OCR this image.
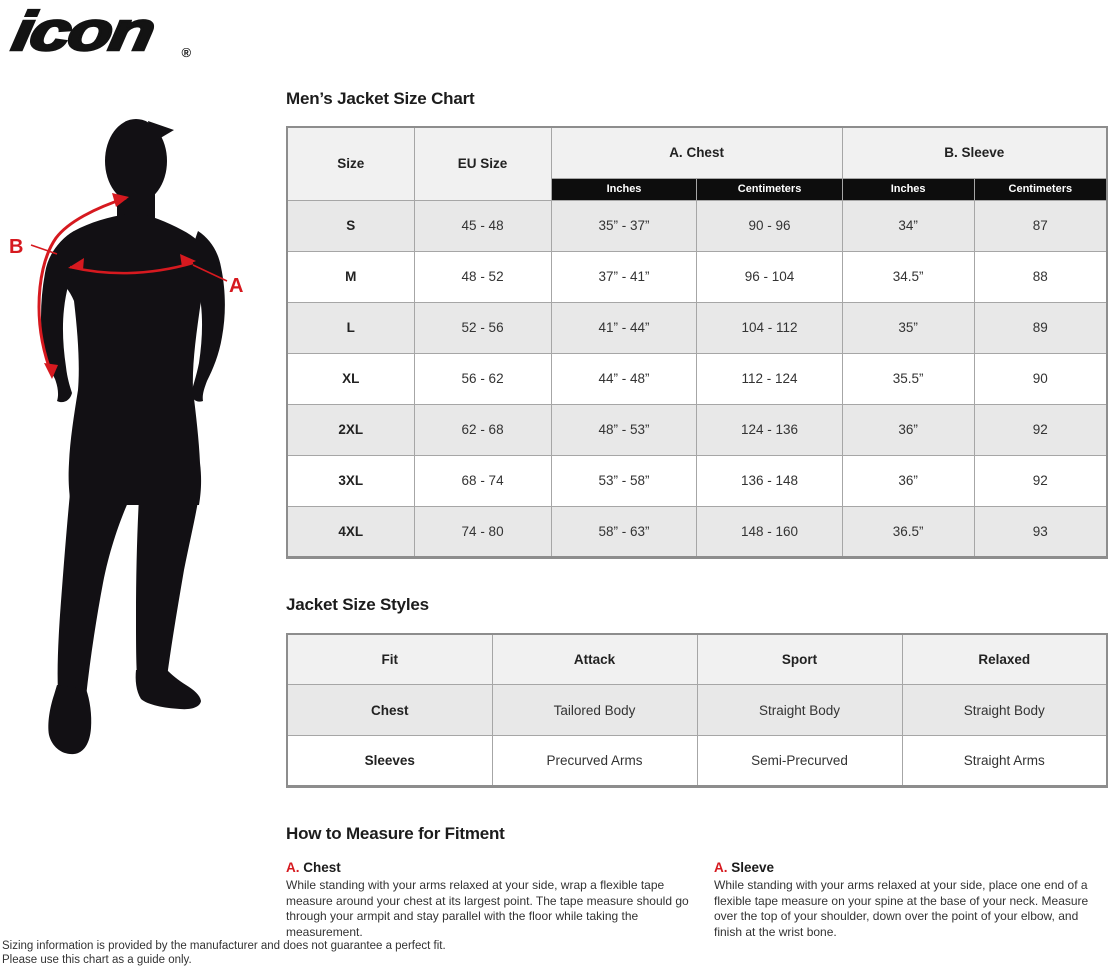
icon ®
A
B
Men’s Jacket Size Chart
Size	EU Size	A. Chest		B. Sleeve	
		Inches	Centimeters	Inches	Centimeters
S	45 - 48	35” - 37”	90 - 96	34”	87
M	48 - 52	37” - 41”	96 - 104	34.5”	88
L	52 - 56	41” - 44”	104 - 112	35”	89
XL	56 - 62	44” - 48”	112 - 124	35.5”	90
2XL	62 - 68	48” - 53”	124 - 136	36”	92
3XL	68 - 74	53” - 58”	136 - 148	36”	92
4XL	74 - 80	58” - 63”	148 - 160	36.5”	93
Jacket Size Styles
Fit	Attack	Sport	Relaxed
Chest	Tailored Body	Straight Body	Straight Body
Sleeves	Precurved Arms	Semi-Precurved	Straight Arms
How to Measure for Fitment
A. Chest

While standing with your arms relaxed at your side, wrap a flexible tape measure around your chest at its largest point. The tape measure should go through your armpit and stay parallel with the floor while taking the measurement.

A. Sleeve

While standing with your arms relaxed at your side, place one end of a flexible tape measure on your spine at the base of your neck. Measure over the top of your shoulder, down over the point of your elbow, and finish at the wrist bone.

Sizing information is provided by the manufacturer and does not guarantee a perfect fit.
Please use this chart as a guide only.
